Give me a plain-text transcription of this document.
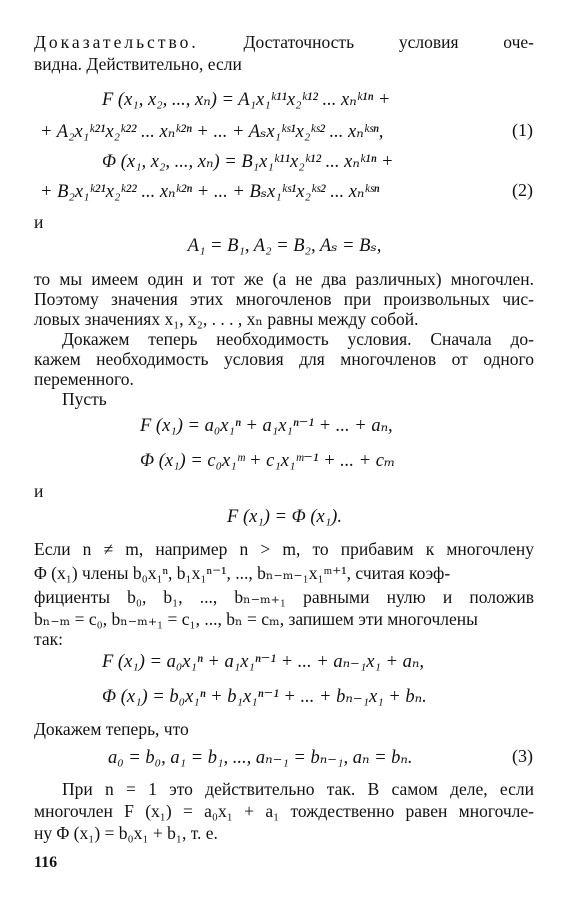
Доказательство.	Достаточность условия оче-
видна. Действительно, если
F (x₁, x₂, ..., xₙ) = A₁x₁ᵏ¹¹x₂ᵏ¹² ... xₙᵏ¹ⁿ +
+ A₂x₁ᵏ²¹x₂ᵏ²² ... xₙᵏ²ⁿ + ... + Aₛx₁ᵏˢ¹x₂ᵏˢ² ... xₙᵏˢⁿ,	(1)
Φ (x₁, x₂, ..., xₙ) = B₁x₁ᵏ¹¹x₂ᵏ¹² ... xₙᵏ¹ⁿ +
+ B₂x₁ᵏ²¹x₂ᵏ²² ... xₙᵏ²ⁿ + ... + Bₛx₁ᵏˢ¹x₂ᵏˢ² ... xₙᵏˢⁿ	(2)
и
A₁ = B₁, A₂ = B₂, Aₛ = Bₛ,
то мы имеем один и тот же (а не два различных) многочлен.
Поэтому значения этих многочленов при произвольных чис-
ловых значениях x₁, x₂, . . . , xₙ равны между собой.
Докажем теперь необходимость условия. Сначала до-
кажем необходимость условия для многочленов от одного
переменного.
Пусть
F (x₁) = a₀x₁ⁿ + a₁x₁ⁿ⁻¹ + ... + aₙ,
Φ (x₁) = c₀x₁ᵐ + c₁x₁ᵐ⁻¹ + ... + cₘ
и
F (x₁) = Φ (x₁).
Если n ≠ m, например n > m, то прибавим к многочлену
Φ (x₁) члены b₀x₁ⁿ, b₁x₁ⁿ⁻¹, ..., bₙ₋ₘ₋₁x₁ᵐ⁺¹, считая коэф-
фициенты b₀, b₁, ..., bₙ₋ₘ₊₁ равными нулю и положив
bₙ₋ₘ = c₀, bₙ₋ₘ₊₁ = c₁, ..., bₙ = cₘ, запишем эти многочлены
так:
F (x₁) = a₀x₁ⁿ + a₁x₁ⁿ⁻¹ + ... + aₙ₋₁x₁ + aₙ,
Φ (x₁) = b₀x₁ⁿ + b₁x₁ⁿ⁻¹ + ... + bₙ₋₁x₁ + bₙ.
Докажем теперь, что
a₀ = b₀, a₁ = b₁, ..., aₙ₋₁ = bₙ₋₁, aₙ = bₙ.	(3)
При n = 1 это действительно так. В самом деле, если
многочлен F (x₁) = a₀x₁ + a₁ тождественно равен многочле-
ну Φ (x₁) = b₀x₁ + b₁, т. е.
116
